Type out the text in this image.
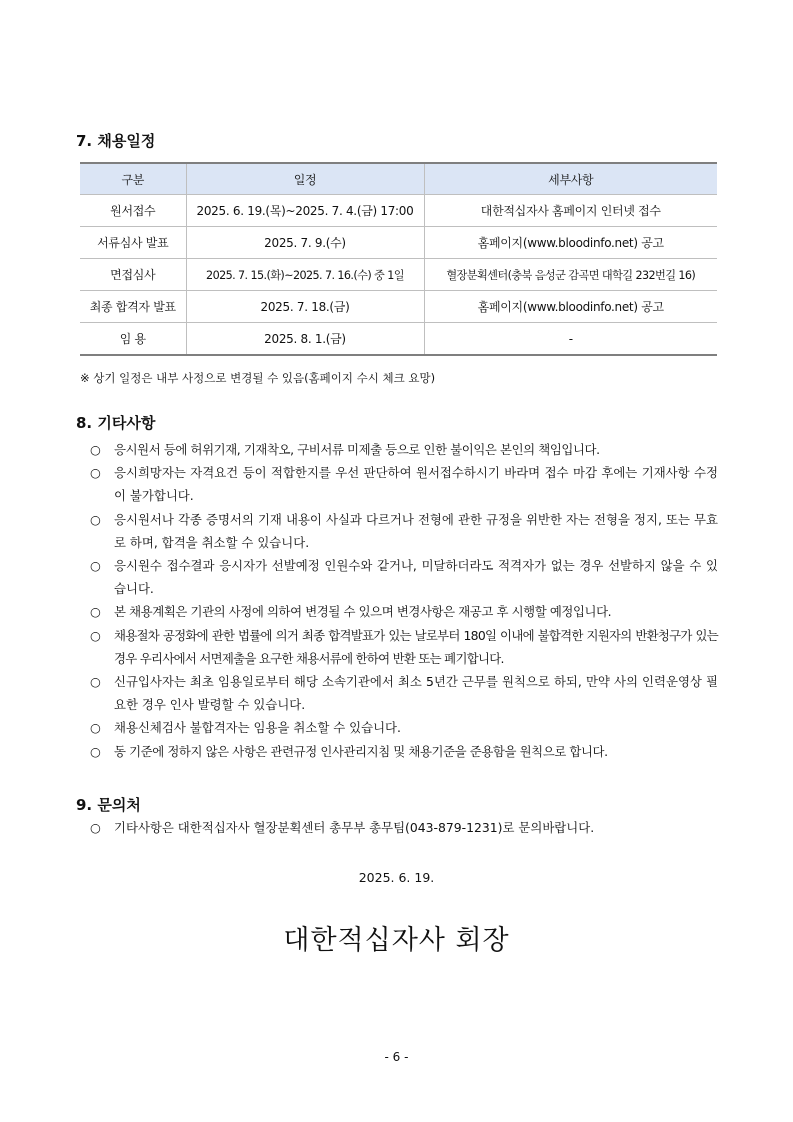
7. 채용일정
구분	일정	세부사항
원서접수	2025. 6. 19.(목)~2025. 7. 4.(금) 17:00	대한적십자사 홈페이지 인터넷 접수
서류심사 발표	2025. 7. 9.(수)	홈페이지(www.bloodinfo.net) 공고
면접심사	2025. 7. 15.(화)~2025. 7. 16.(수) 중 1일	혈장분획센터(충북 음성군 감곡면 대학길 232번길 16)
최종 합격자 발표	2025. 7. 18.(금)	홈페이지(www.bloodinfo.net) 공고
임 용	2025. 8. 1.(금)	-

※ 상기 일정은 내부 사정으로 변경될 수 있음(홈페이지 수시 체크 요망)

8. 기타사항
○ 응시원서 등에 허위기재, 기재착오, 구비서류 미제출 등으로 인한 불이익은 본인의 책임입니다.
○ 응시희망자는 자격요건 등이 적합한지를 우선 판단하여 원서접수하시기 바라며 접수 마감 후에는 기재사항 수정이 불가합니다.
○ 응시원서나 각종 증명서의 기재 내용이 사실과 다르거나 전형에 관한 규정을 위반한 자는 전형을 정지, 또는 무효로 하며, 합격을 취소할 수 있습니다.
○ 응시원수 접수결과 응시자가 선발예정 인원수와 같거나, 미달하더라도 적격자가 없는 경우 선발하지 않을 수 있습니다.
○ 본 채용계획은 기관의 사정에 의하여 변경될 수 있으며 변경사항은 재공고 후 시행할 예정입니다.
○ 채용절차 공정화에 관한 법률에 의거 최종 합격발표가 있는 날로부터 180일 이내에 불합격한 지원자의 반환청구가 있는 경우 우리사에서 서면제출을 요구한 채용서류에 한하여 반환 또는 폐기합니다.
○ 신규입사자는 최초 임용일로부터 해당 소속기관에서 최소 5년간 근무를 원칙으로 하되, 만약 사의 인력운영상 필요한 경우 인사 발령할 수 있습니다.
○ 채용신체검사 불합격자는 임용을 취소할 수 있습니다.
○ 동 기준에 정하지 않은 사항은 관련규정 인사관리지침 및 채용기준을 준용함을 원칙으로 합니다.
9. 문의처
○ 기타사항은 대한적십자사 혈장분획센터 총무부 총무팀(043-879-1231)로 문의바랍니다.

2025. 6. 19.

대한적십자사 회장

- 6 -
